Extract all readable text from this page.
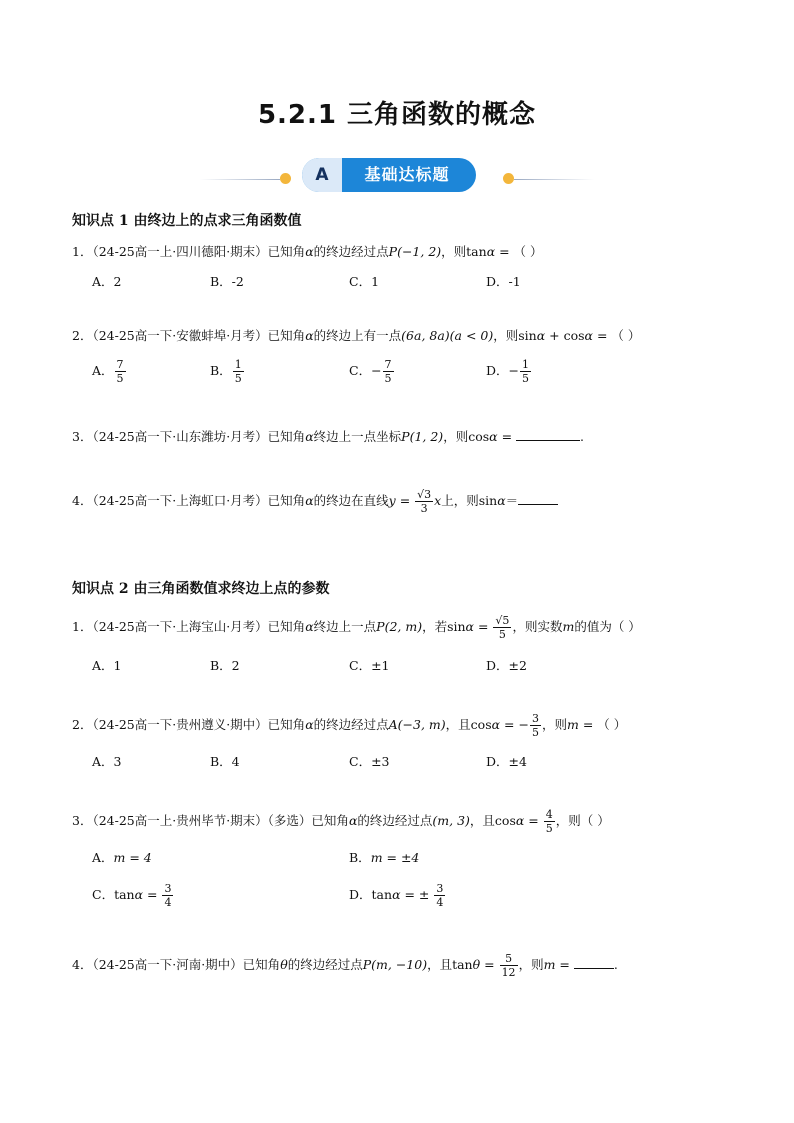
5.2.1 三角函数的概念
A	基础达标题
知识点 1 由终边上的点求三角函数值
1．（24-25高一上·四川德阳·期末）已知角α的终边经过点P(−1, 2)，则tanα = （ ）
A．2	B．-2	C．1	D．-1
2．（24-25高一下·安徽蚌埠·月考）已知角α的终边上有一点(6a, 8a)(a < 0)，则sinα + cosα = （ ）
A． $\frac{7}{5}$	B． $\frac{1}{5}$	C．− $\frac{7}{5}$	D．− $\frac{1}{5}$
3．（24-25高一下·山东潍坊·月考）已知角α终边上一点坐标P(1, 2)，则cosα =	.
4．（24-25高一下·上海虹口·月考）已知角α的终边在直线$y = \frac{√3}{3}$ x上，则sinα＝
知识点 2 由三角函数值求终边上点的参数
1．（24-25高一下·上海宝山·月考）已知角α终边上一点P(2, m)，若$\sin\alpha = \frac{√5}{5}$ ，则实数m的值为（ ）
A．1	B．2	C．±1	D．±2
2．（24-25高一下·贵州遵义·期中）已知角α的终边经过点A(−3, m)，且cosα = − $\frac{3}{5}$ ，则m = （ ）
A．3	B．4	C．±3	D．±4
3．（24-25高一上·贵州毕节·期末）（多选）已知角α的终边经过点(m, 3)，且$\cos\alpha = \frac{4}{5}$ ，则（ ）
A．m = 4	B．m = ±4
C．$\tan\alpha = \frac{3}{4}$	D．tanα = ± $\frac{3}{4}$
4．（24-25高一下·河南·期中）已知角θ的终边经过点P(m, −10)，且$\tan\theta = \frac{5}{12}$ ，则m =	.
